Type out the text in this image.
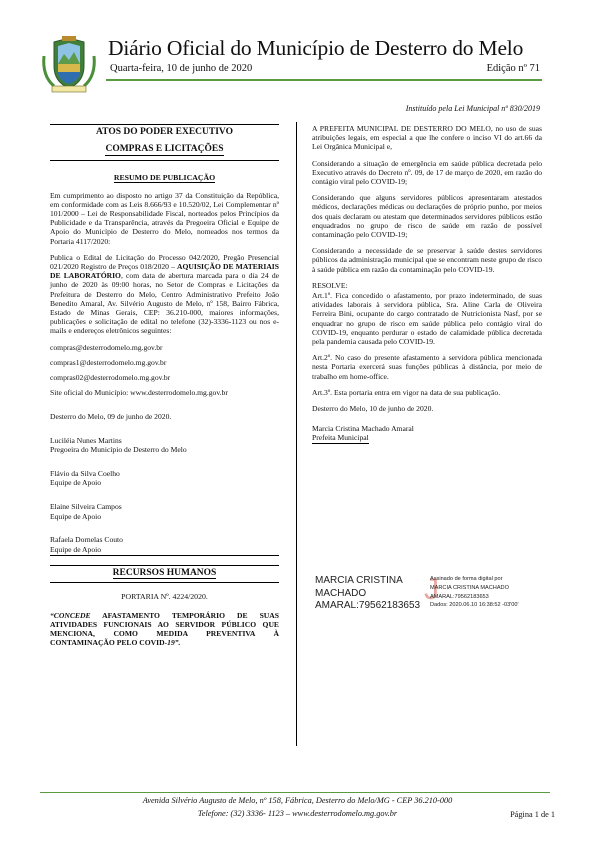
Diário Oficial do Município de Desterro do Melo
Quarta-feira, 10 de junho de 2020	Edição nº 71
Instituído pela Lei Municipal nº 830/2019
ATOS DO PODER EXECUTIVO
COMPRAS E LICITAÇÕES
RESUMO DE PUBLICAÇÃO

Em cumprimento ao disposto no artigo 37 da Constituição da República, em conformidade com as Leis 8.666/93 e 10.520/02, Lei Complementar nº 101/2000 – Lei de Responsabilidade Fiscal, norteados pelos Princípios da Publicidade e da Transparência, através da Pregoeira Oficial e Equipe de Apoio do Município de Desterro do Melo, nomeados nos termos da Portaria 4117/2020:

Publica o Edital de Licitação do Processo 042/2020, Pregão Presencial 021/2020 Registro de Preços 018/2020 – AQUISIÇÃO DE MATERIAIS DE LABORATÓRIO, com data de abertura marcada para o dia 24 de junho de 2020 às 09:00 horas, no Setor de Compras e Licitações da Prefeitura de Desterro do Melo, Centro Administrativo Prefeito João Benedito Amaral, Av. Silvério Augusto de Melo, nº 158, Bairro Fábrica, Estado de Minas Gerais, CEP: 36.210-000, maiores informações, publicações e solicitação de edital no telefone (32)-3336-1123 ou nos e-mails e endereços eletrônicos seguintes:

compras@desterrodomelo.mg.gov.br
compras1@desterrodomelo.mg.gov.br
compras02@desterrodomelo.mg.gov.br
Site oficial do Município: www.desterrodomelo.mg.gov.br
Desterro do Melo, 09 de junho de 2020.
Luciléia Nunes Martins
Pregoeira do Município de Desterro do Melo
Flávio da Silva Coelho
Equipe de Apoio
Elaine Silveira Campos
Equipe de Apoio
Rafaela Dornelas Couto
Equipe de Apoio
RECURSOS HUMANOS
PORTARIA Nº. 4224/2020.

“CONCEDE AFASTAMENTO TEMPORÁRIO DE SUAS ATIVIDADES FUNCIONAIS AO SERVIDOR PÚBLICO QUE MENCIONA, COMO MEDIDA PREVENTIVA À CONTAMINAÇÃO PELO COVID-19”.

A PREFEITA MUNICIPAL DE DESTERRO DO MELO, no uso de suas atribuições legais, em especial a que lhe confere o inciso VI do art.66 da Lei Orgânica Municipal e,

Considerando a situação de emergência em saúde pública decretada pelo Executivo através do Decreto nº. 09, de 17 de março de 2020, em razão do contágio viral pelo COVID-19;

Considerando que alguns servidores públicos apresentaram atestados médicos, declarações médicas ou declarações de próprio punho, por meios dos quais declaram ou atestam que determinados servidores públicos estão enquadrados no grupo de risco de saúde em razão de possível contaminação pelo COVID-19;

Considerando a necessidade de se preservar à saúde destes servidores públicos da administração municipal que se encontram neste grupo de risco à saúde pública em razão da contaminação pelo COVID-19.

RESOLVE:

Art.1º. Fica concedido o afastamento, por prazo indeterminado, de suas atividades laborais à servidora pública, Sra. Aline Carla de Oliveira Ferreira Bini, ocupante do cargo contratado de Nutricionista Nasf, por se enquadrar no grupo de risco em saúde pública pelo contágio viral do COVID-19, enquanto perdurar o estado de calamidade pública decretada pela pandemia causada pelo COVID-19.

Art.2º. No caso do presente afastamento a servidora pública mencionada nesta Portaria exercerá suas funções públicas à distância, por meio de trabalho em home-office.

Art.3º. Esta portaria entra em vigor na data de sua publicação.

Desterro do Melo, 10 de junho de 2020.
Marcia Cristina Machado Amaral
Prefeita Municipal
MARCIA CRISTINA
MACHADO
AMARAL:79562183653 J
Assinado de forma digital por
MARCIA CRISTINA MACHADO
AMARAL:79562183653
Dados: 2020.06.10 16:38:52 -03'00'
Avenida Silvério Augusto de Melo, nº 158, Fábrica, Desterro do Melo/MG - CEP 36.210-000
Telefone: (32) 3336- 1123 – www.desterrodomelo.mg.gov.br	Página 1 de 1
